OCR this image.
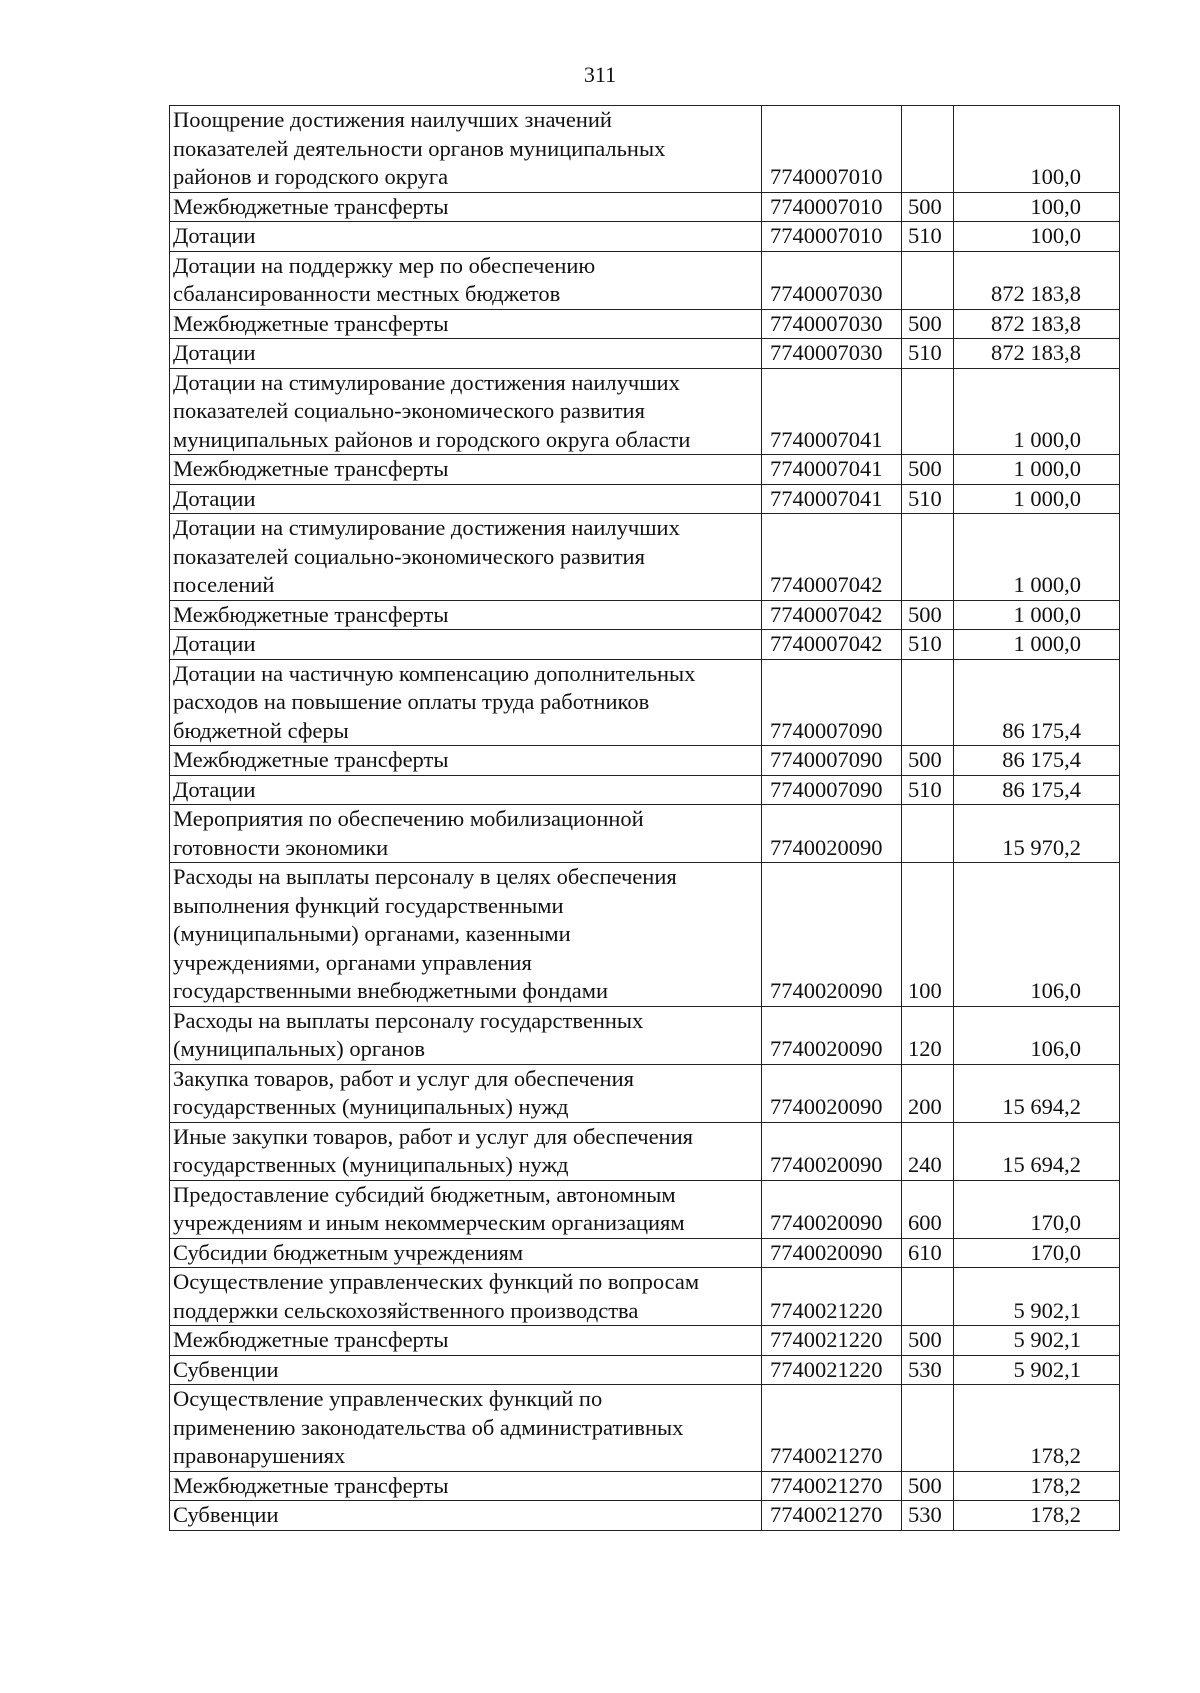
311
Поощрение достижения наилучших значений
показателей деятельности органов муниципальных
районов и городского округа	7740007010		100,0
Межбюджетные трансферты	7740007010	500	100,0
Дотации	7740007010	510	100,0
Дотации на поддержку мер по обеспечению
сбалансированности местных бюджетов	7740007030		872 183,8
Межбюджетные трансферты	7740007030	500	872 183,8
Дотации	7740007030	510	872 183,8
Дотации на стимулирование достижения наилучших
показателей социально-экономического развития
муниципальных районов и городского округа области	7740007041		1 000,0
Межбюджетные трансферты	7740007041	500	1 000,0
Дотации	7740007041	510	1 000,0
Дотации на стимулирование достижения наилучших
показателей социально-экономического развития
поселений	7740007042		1 000,0
Межбюджетные трансферты	7740007042	500	1 000,0
Дотации	7740007042	510	1 000,0
Дотации на частичную компенсацию дополнительных
расходов на повышение оплаты труда работников
бюджетной сферы	7740007090		86 175,4
Межбюджетные трансферты	7740007090	500	86 175,4
Дотации	7740007090	510	86 175,4
Мероприятия по обеспечению мобилизационной
готовности экономики	7740020090		15 970,2
Расходы на выплаты персоналу в целях обеспечения
выполнения функций государственными
(муниципальными) органами, казенными
учреждениями, органами управления
государственными внебюджетными фондами	7740020090	100	106,0
Расходы на выплаты персоналу государственных
(муниципальных) органов	7740020090	120	106,0
Закупка товаров, работ и услуг для обеспечения
государственных (муниципальных) нужд	7740020090	200	15 694,2
Иные закупки товаров, работ и услуг для обеспечения
государственных (муниципальных) нужд	7740020090	240	15 694,2
Предоставление субсидий бюджетным, автономным
учреждениям и иным некоммерческим организациям	7740020090	600	170,0
Субсидии бюджетным учреждениям	7740020090	610	170,0
Осуществление управленческих функций по вопросам
поддержки сельскохозяйственного производства	7740021220		5 902,1
Межбюджетные трансферты	7740021220	500	5 902,1
Субвенции	7740021220	530	5 902,1
Осуществление управленческих функций по
применению законодательства об административных
правонарушениях	7740021270		178,2
Межбюджетные трансферты	7740021270	500	178,2
Субвенции	7740021270	530	178,2
